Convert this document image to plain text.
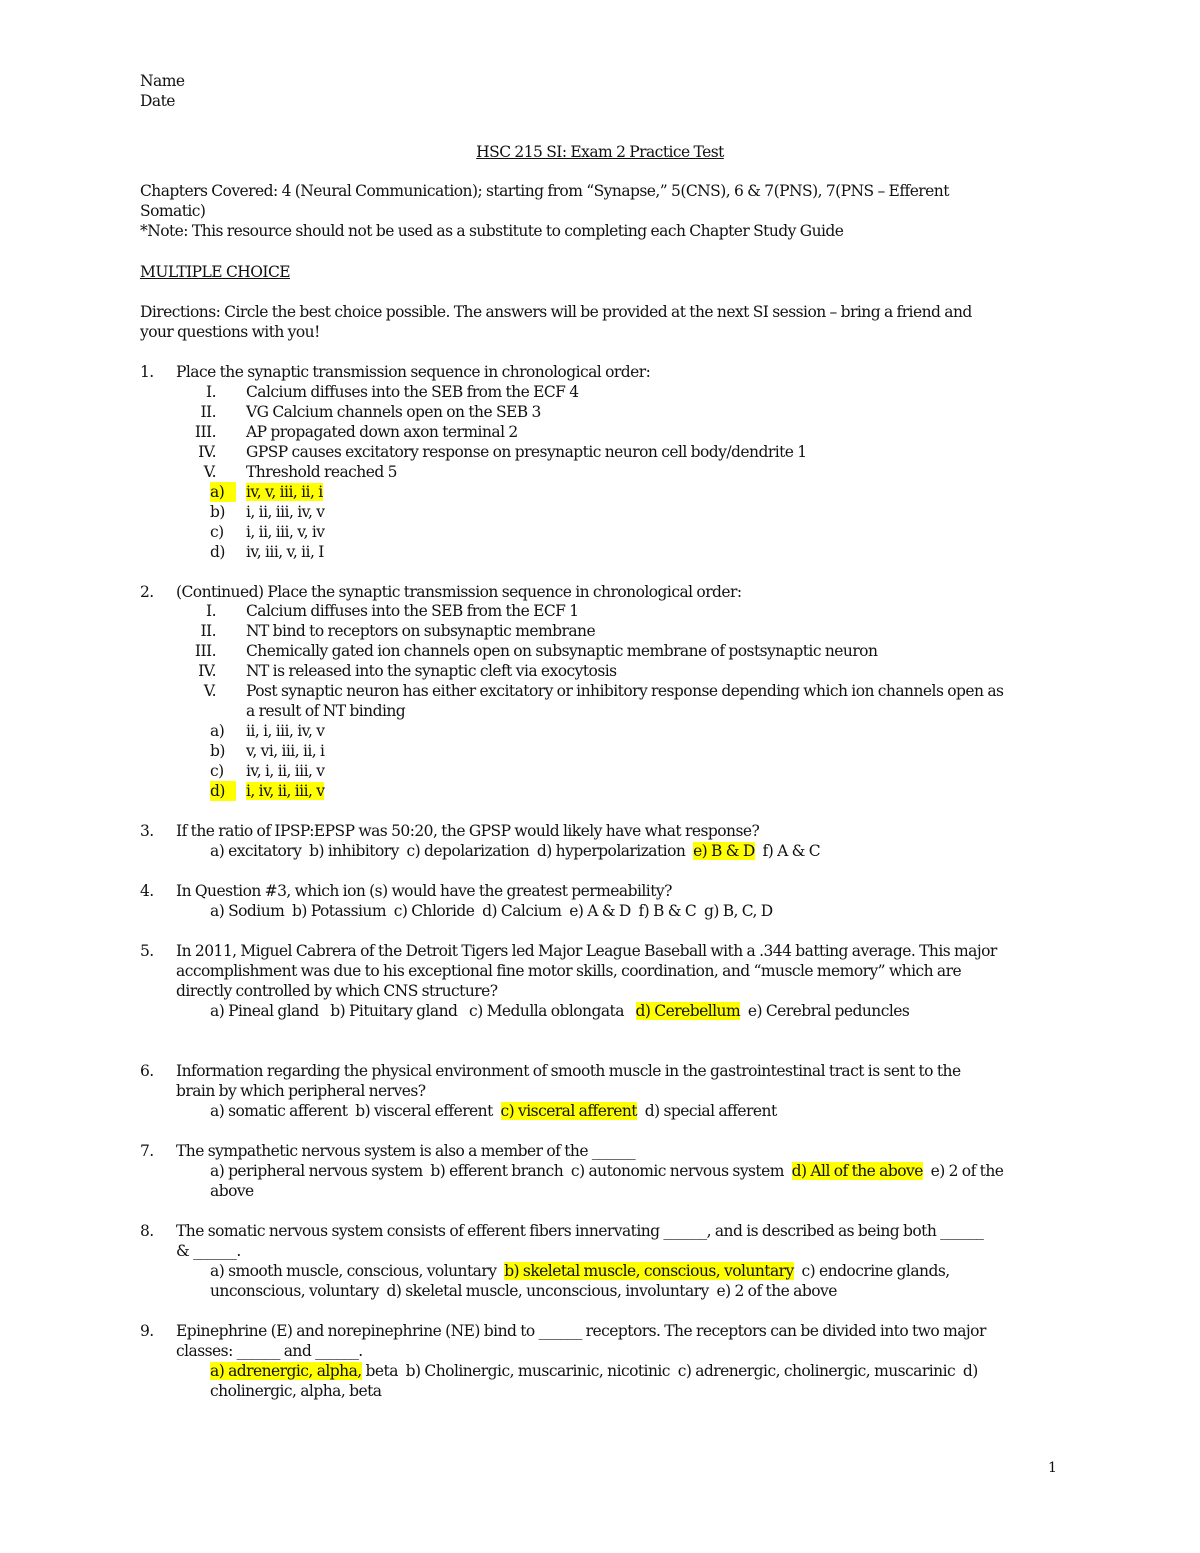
Name
Date
HSC 215 SI: Exam 2 Practice Test
Chapters Covered: 4 (Neural Communication); starting from “Synapse,” 5(CNS), 6 & 7(PNS), 7(PNS – Efferent
Somatic)
*Note: This resource should not be used as a substitute to completing each Chapter Study Guide
MULTIPLE CHOICE
Directions: Circle the best choice possible. The answers will be provided at the next SI session – bring a friend and
your questions with you!
1.	Place the synaptic transmission sequence in chronological order:
I. Calcium diffuses into the SEB from the ECF 4
II. VG Calcium channels open on the SEB 3
III. AP propagated down axon terminal 2
IV. GPSP causes excitatory response on presynaptic neuron cell body/dendrite 1
V. Threshold reached 5
a)	iv, v, iii, ii, i
b)	i, ii, iii, iv, v
c)	i, ii, iii, v, iv
d)	iv, iii, v, ii, I
2.	(Continued) Place the synaptic transmission sequence in chronological order:
I. Calcium diffuses into the SEB from the ECF 1
II. NT bind to receptors on subsynaptic membrane
III. Chemically gated ion channels open on subsynaptic membrane of postsynaptic neuron
IV. NT is released into the synaptic cleft via exocytosis
V. Post synaptic neuron has either excitatory or inhibitory response depending which ion channels open as
a result of NT binding
a)	ii, i, iii, iv, v
b)	v, vi, iii, ii, i
c)	iv, i, ii, iii, v
d)	i, iv, ii, iii, v
3.	If the ratio of IPSP:EPSP was 50:20, the GPSP would likely have what response?
a) excitatory  b) inhibitory  c) depolarization  d) hyperpolarization  e) B & D  f) A & C
4.	In Question #3, which ion (s) would have the greatest permeability?
a) Sodium  b) Potassium  c) Chloride  d) Calcium  e) A & D  f) B & C  g) B, C, D
5.	In 2011, Miguel Cabrera of the Detroit Tigers led Major League Baseball with a .344 batting average. This major
accomplishment was due to his exceptional fine motor skills, coordination, and “muscle memory” which are
directly controlled by which CNS structure?
a) Pineal gland   b) Pituitary gland   c) Medulla oblongata   d) Cerebellum  e) Cerebral peduncles
6.	Information regarding the physical environment of smooth muscle in the gastrointestinal tract is sent to the
brain by which peripheral nerves?
a) somatic afferent  b) visceral efferent  c) visceral afferent  d) special afferent
7.	The sympathetic nervous system is also a member of the ______
a) peripheral nervous system  b) efferent branch  c) autonomic nervous system  d) All of the above  e) 2 of the
above
8.	The somatic nervous system consists of efferent fibers innervating ______, and is described as being both ______
& ______.
a) smooth muscle, conscious, voluntary  b) skeletal muscle, conscious, voluntary  c) endocrine glands,
unconscious, voluntary  d) skeletal muscle, unconscious, involuntary  e) 2 of the above
9.	Epinephrine (E) and norepinephrine (NE) bind to ______ receptors. The receptors can be divided into two major
classes: ______ and ______.
a) adrenergic, alpha, beta  b) Cholinergic, muscarinic, nicotinic  c) adrenergic, cholinergic, muscarinic  d)
cholinergic, alpha, beta
1
